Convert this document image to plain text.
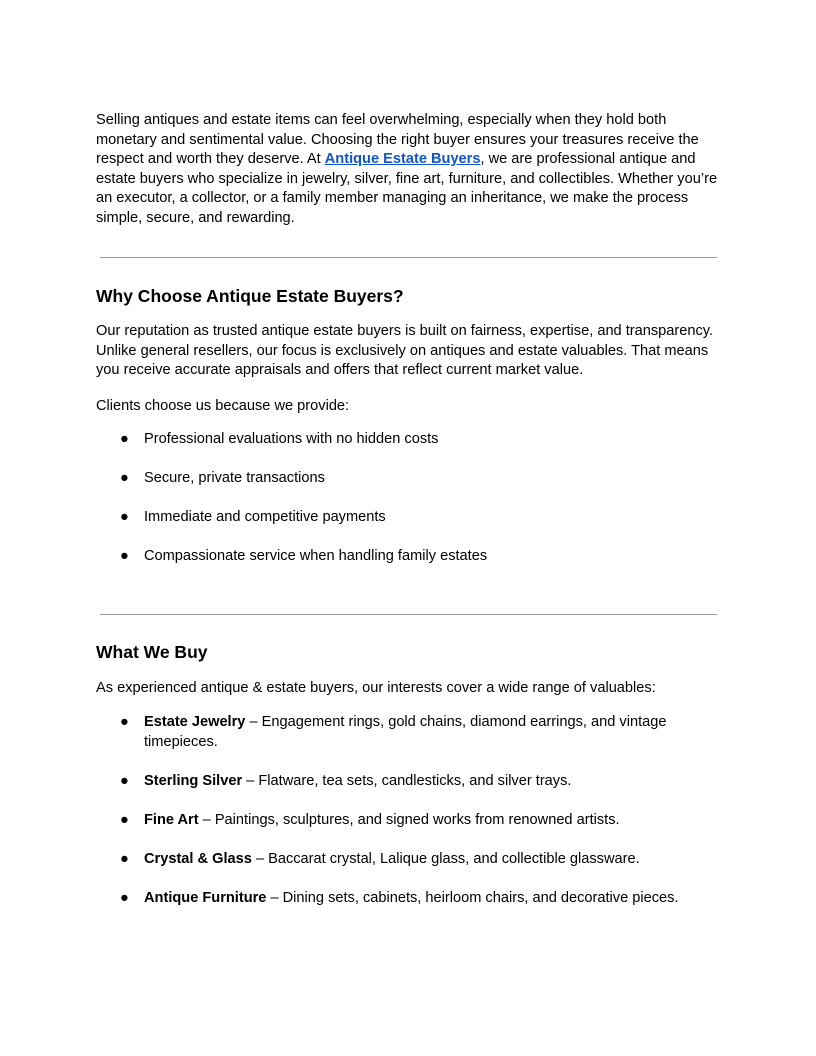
Selling antiques and estate items can feel overwhelming, especially when they hold both monetary and sentimental value. Choosing the right buyer ensures your treasures receive the respect and worth they deserve. At Antique Estate Buyers, we are professional antique and estate buyers who specialize in jewelry, silver, fine art, furniture, and collectibles. Whether you’re an executor, a collector, or a family member managing an inheritance, we make the process simple, secure, and rewarding.

Why Choose Antique Estate Buyers?

Our reputation as trusted antique estate buyers is built on fairness, expertise, and transparency. Unlike general resellers, our focus is exclusively on antiques and estate valuables. That means you receive accurate appraisals and offers that reflect current market value.

Clients choose us because we provide:

● Professional evaluations with no hidden costs
● Secure, private transactions
● Immediate and competitive payments
● Compassionate service when handling family estates
What We Buy

As experienced antique & estate buyers, our interests cover a wide range of valuables:

● Estate Jewelry – Engagement rings, gold chains, diamond earrings, and vintage timepieces.
● Sterling Silver – Flatware, tea sets, candlesticks, and silver trays.
● Fine Art – Paintings, sculptures, and signed works from renowned artists.
● Crystal & Glass – Baccarat crystal, Lalique glass, and collectible glassware.
● Antique Furniture – Dining sets, cabinets, heirloom chairs, and decorative pieces.
